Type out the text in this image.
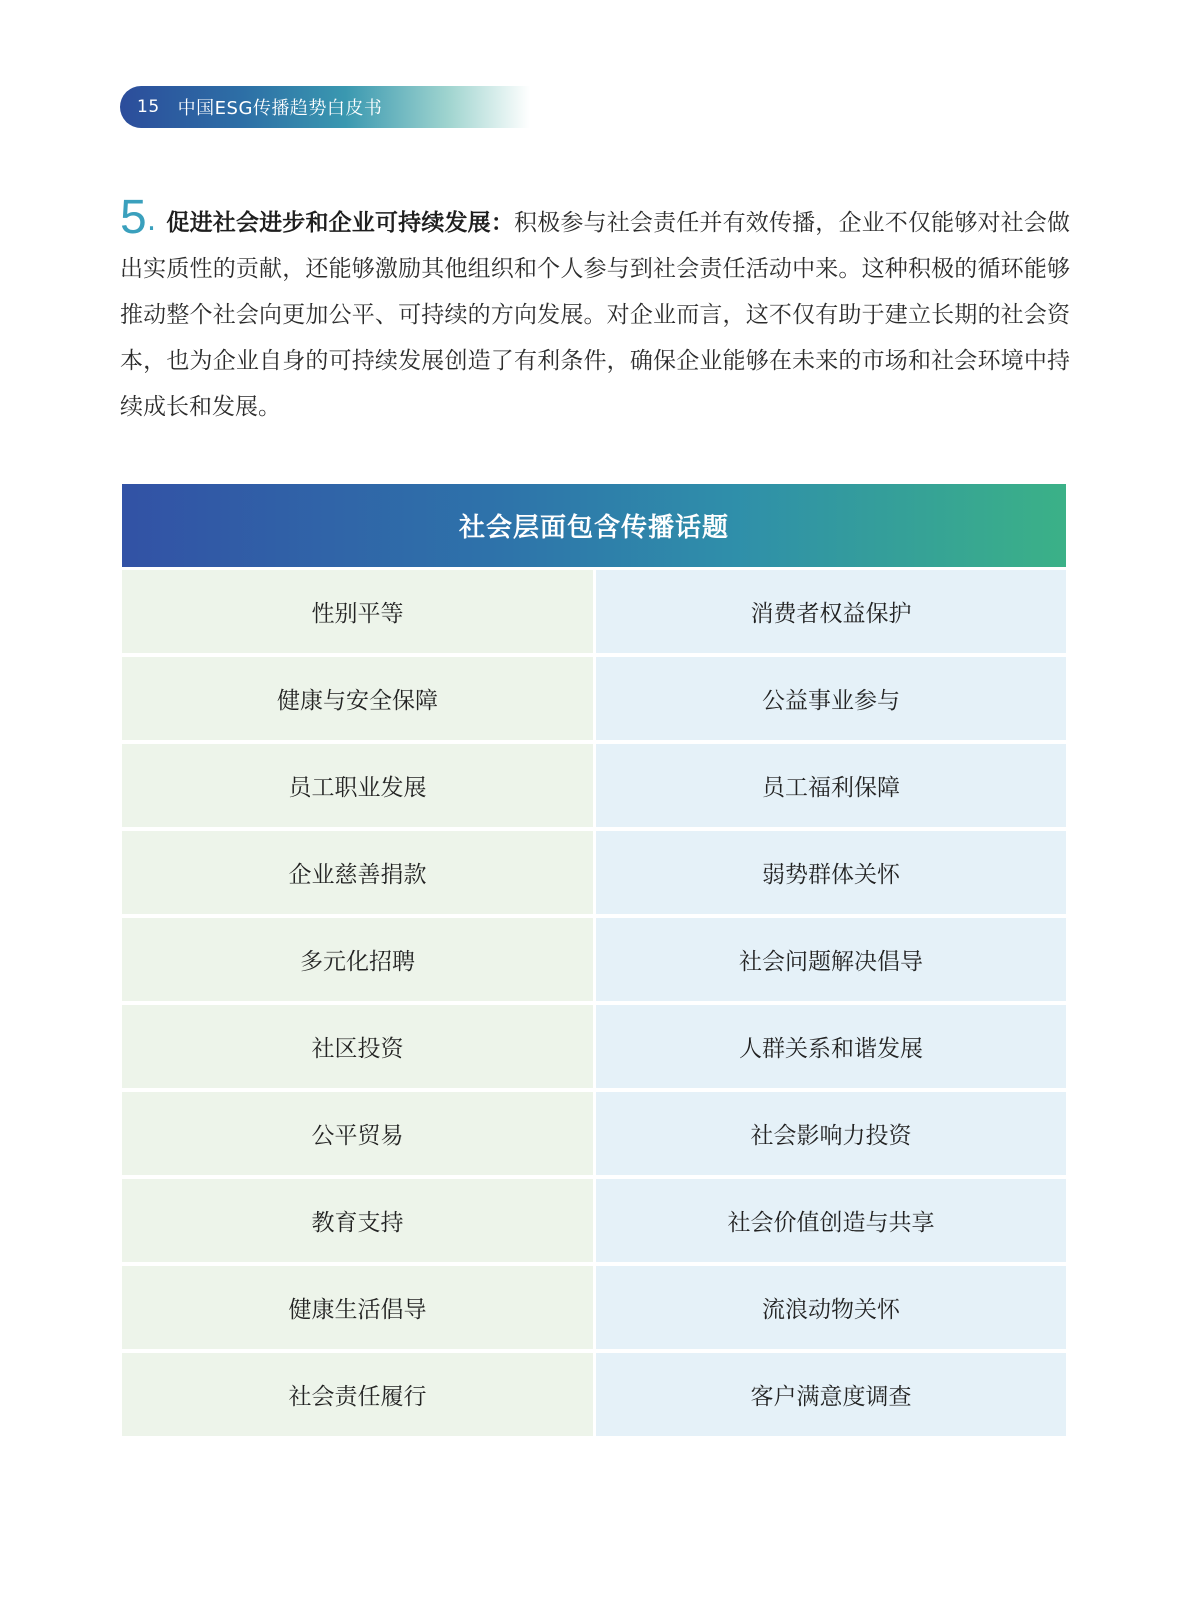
15 中国ESG传播趋势白皮书
5. 促进社会进步和企业可持续发展：积极参与社会责任并有效传播，企业不仅能够对社会做出实质性的贡献，还能够激励其他组织和个人参与到社会责任活动中来。这种积极的循环能够推动整个社会向更加公平、可持续的方向发展。对企业而言，这不仅有助于建立长期的社会资本，也为企业自身的可持续发展创造了有利条件，确保企业能够在未来的市场和社会环境中持续成长和发展。
社会层面包含传播话题
性别平等	消费者权益保护
健康与安全保障	公益事业参与
员工职业发展	员工福利保障
企业慈善捐款	弱势群体关怀
多元化招聘	社会问题解决倡导
社区投资	人群关系和谐发展
公平贸易	社会影响力投资
教育支持	社会价值创造与共享
健康生活倡导	流浪动物关怀
社会责任履行	客户满意度调查
